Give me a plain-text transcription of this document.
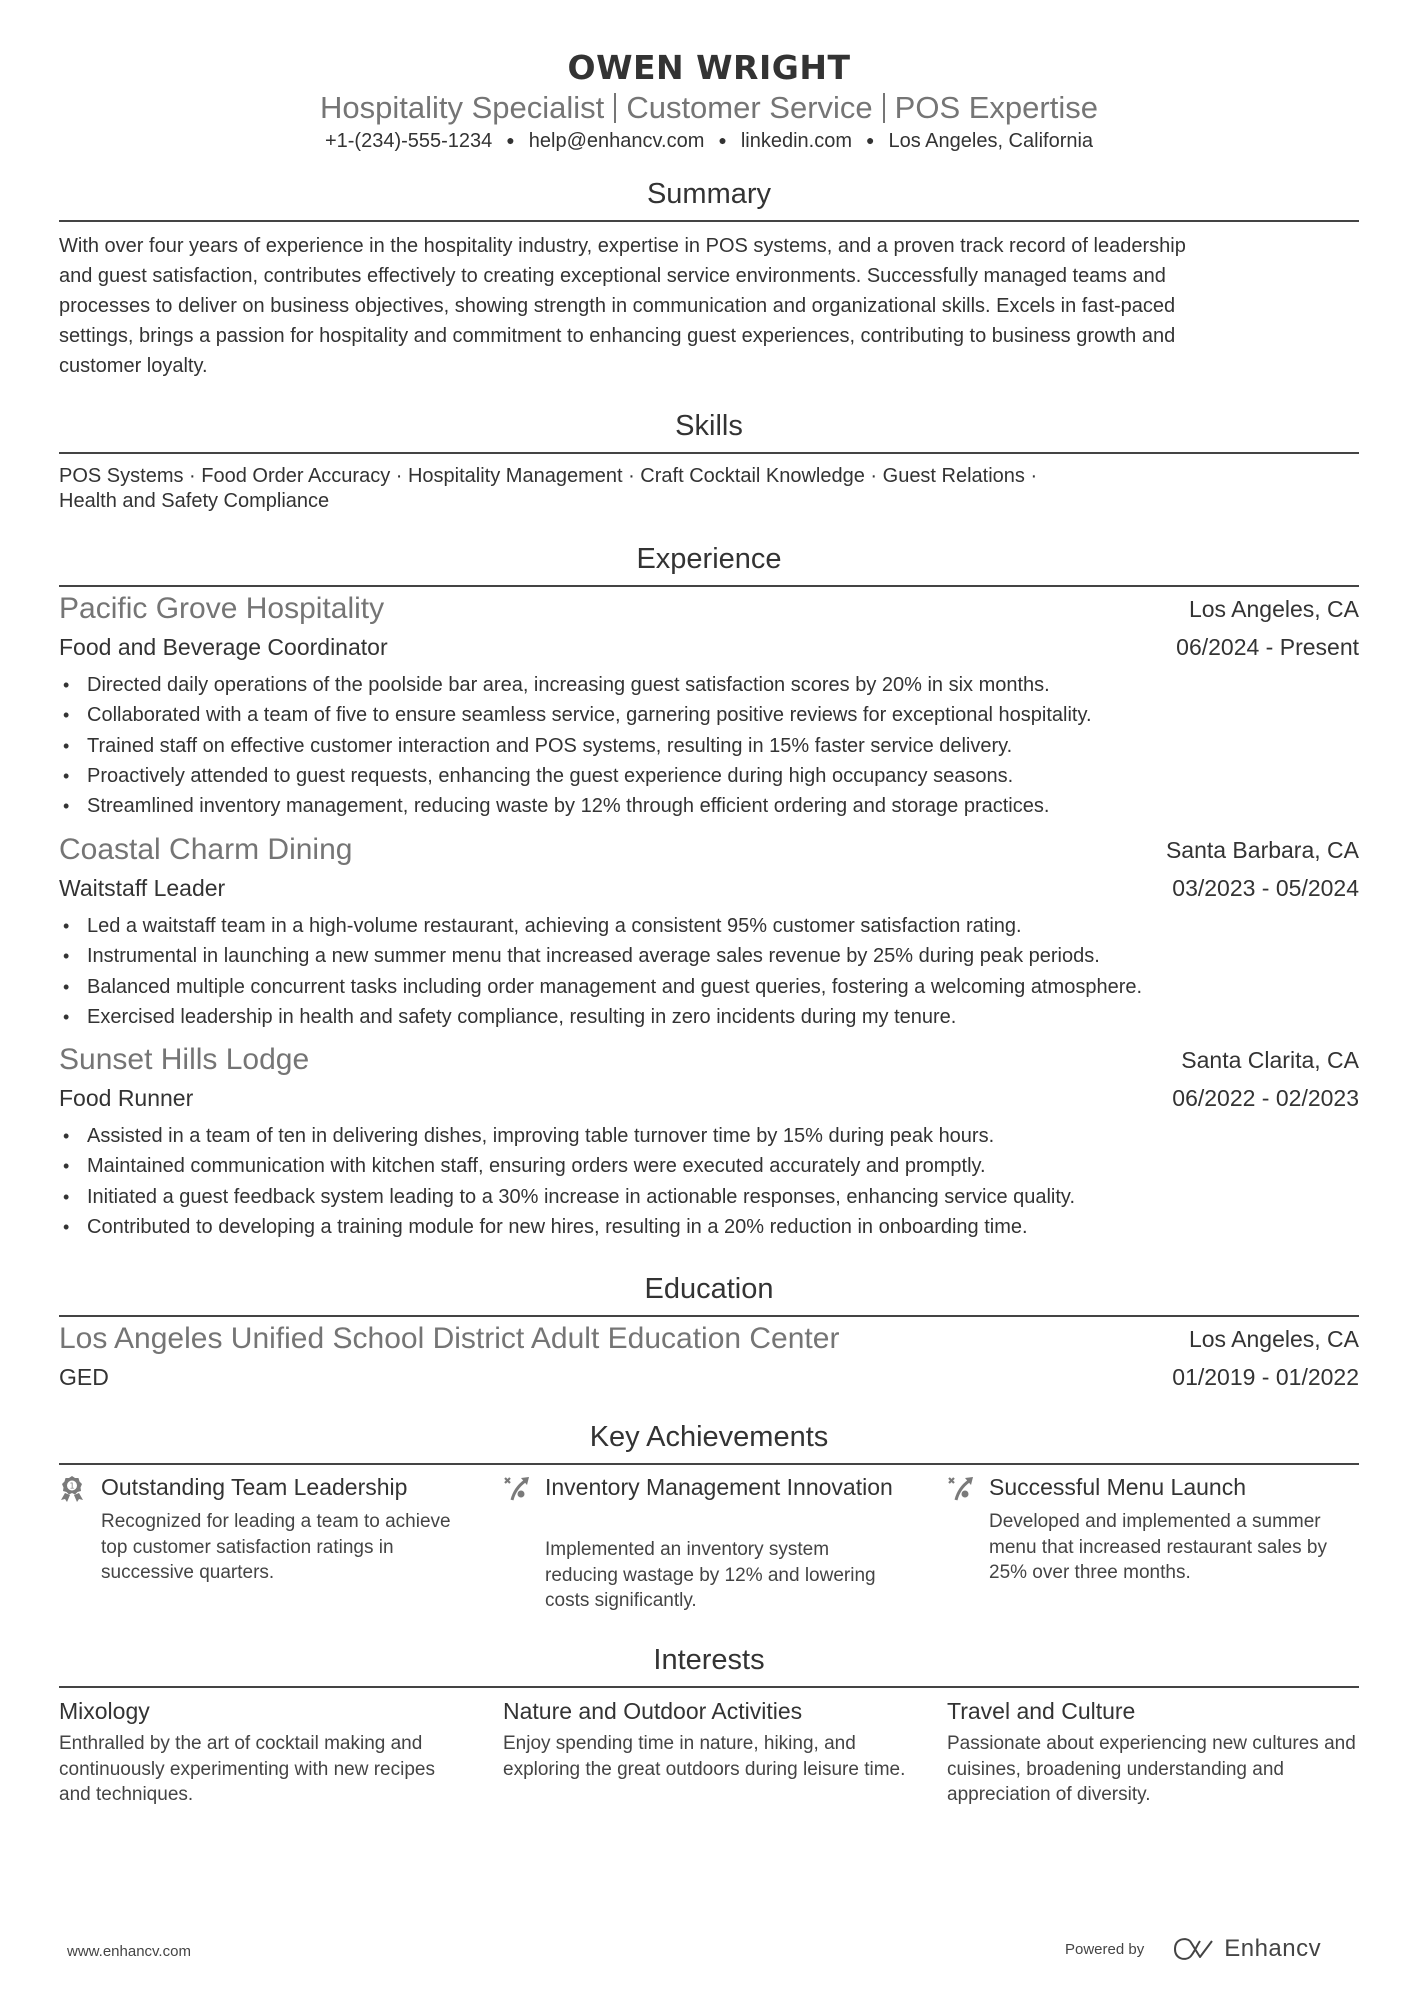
OWEN WRIGHT
Hospitality Specialist Customer Service POS Expertise
+1-(234)-555-1234 ● help@enhancv.com ● linkedin.com ● Los Angeles, California
Summary
With over four years of experience in the hospitality industry, expertise in POS systems, and a proven track record of leadership
and guest satisfaction, contributes effectively to creating exceptional service environments. Successfully managed teams and
processes to deliver on business objectives, showing strength in communication and organizational skills. Excels in fast-paced
settings, brings a passion for hospitality and commitment to enhancing guest experiences, contributing to business growth and
customer loyalty.
Skills
POS Systems · Food Order Accuracy · Hospitality Management · Craft Cocktail Knowledge · Guest Relations ·
Health and Safety Compliance
Experience
Pacific Grove Hospitality	Los Angeles, CA
Food and Beverage Coordinator	06/2024 - Present
• Directed daily operations of the poolside bar area, increasing guest satisfaction scores by 20% in six months.
• Collaborated with a team of five to ensure seamless service, garnering positive reviews for exceptional hospitality.
• Trained staff on effective customer interaction and POS systems, resulting in 15% faster service delivery.
• Proactively attended to guest requests, enhancing the guest experience during high occupancy seasons.
• Streamlined inventory management, reducing waste by 12% through efficient ordering and storage practices.
Coastal Charm Dining	Santa Barbara, CA
Waitstaff Leader	03/2023 - 05/2024
• Led a waitstaff team in a high-volume restaurant, achieving a consistent 95% customer satisfaction rating.
• Instrumental in launching a new summer menu that increased average sales revenue by 25% during peak periods.
• Balanced multiple concurrent tasks including order management and guest queries, fostering a welcoming atmosphere.
• Exercised leadership in health and safety compliance, resulting in zero incidents during my tenure.
Sunset Hills Lodge	Santa Clarita, CA
Food Runner	06/2022 - 02/2023
• Assisted in a team of ten in delivering dishes, improving table turnover time by 15% during peak hours.
• Maintained communication with kitchen staff, ensuring orders were executed accurately and promptly.
• Initiated a guest feedback system leading to a 30% increase in actionable responses, enhancing service quality.
• Contributed to developing a training module for new hires, resulting in a 20% reduction in onboarding time.
Education
Los Angeles Unified School District Adult Education Center	Los Angeles, CA
GED	01/2019 - 01/2022
Key Achievements
1 Outstanding Team Leadership
Recognized for leading a team to achieve top customer satisfaction ratings in successive quarters.
Inventory Management Innovation
Implemented an inventory system reducing wastage by 12% and lowering costs significantly.
Successful Menu Launch
Developed and implemented a summer menu that increased restaurant sales by 25% over three months.
Interests
Mixology
Enthralled by the art of cocktail making and continuously experimenting with new recipes and techniques.
Nature and Outdoor Activities
Enjoy spending time in nature, hiking, and exploring the great outdoors during leisure time.
Travel and Culture
Passionate about experiencing new cultures and cuisines, broadening understanding and appreciation of diversity.
www.enhancv.com	Powered by	Enhancv
